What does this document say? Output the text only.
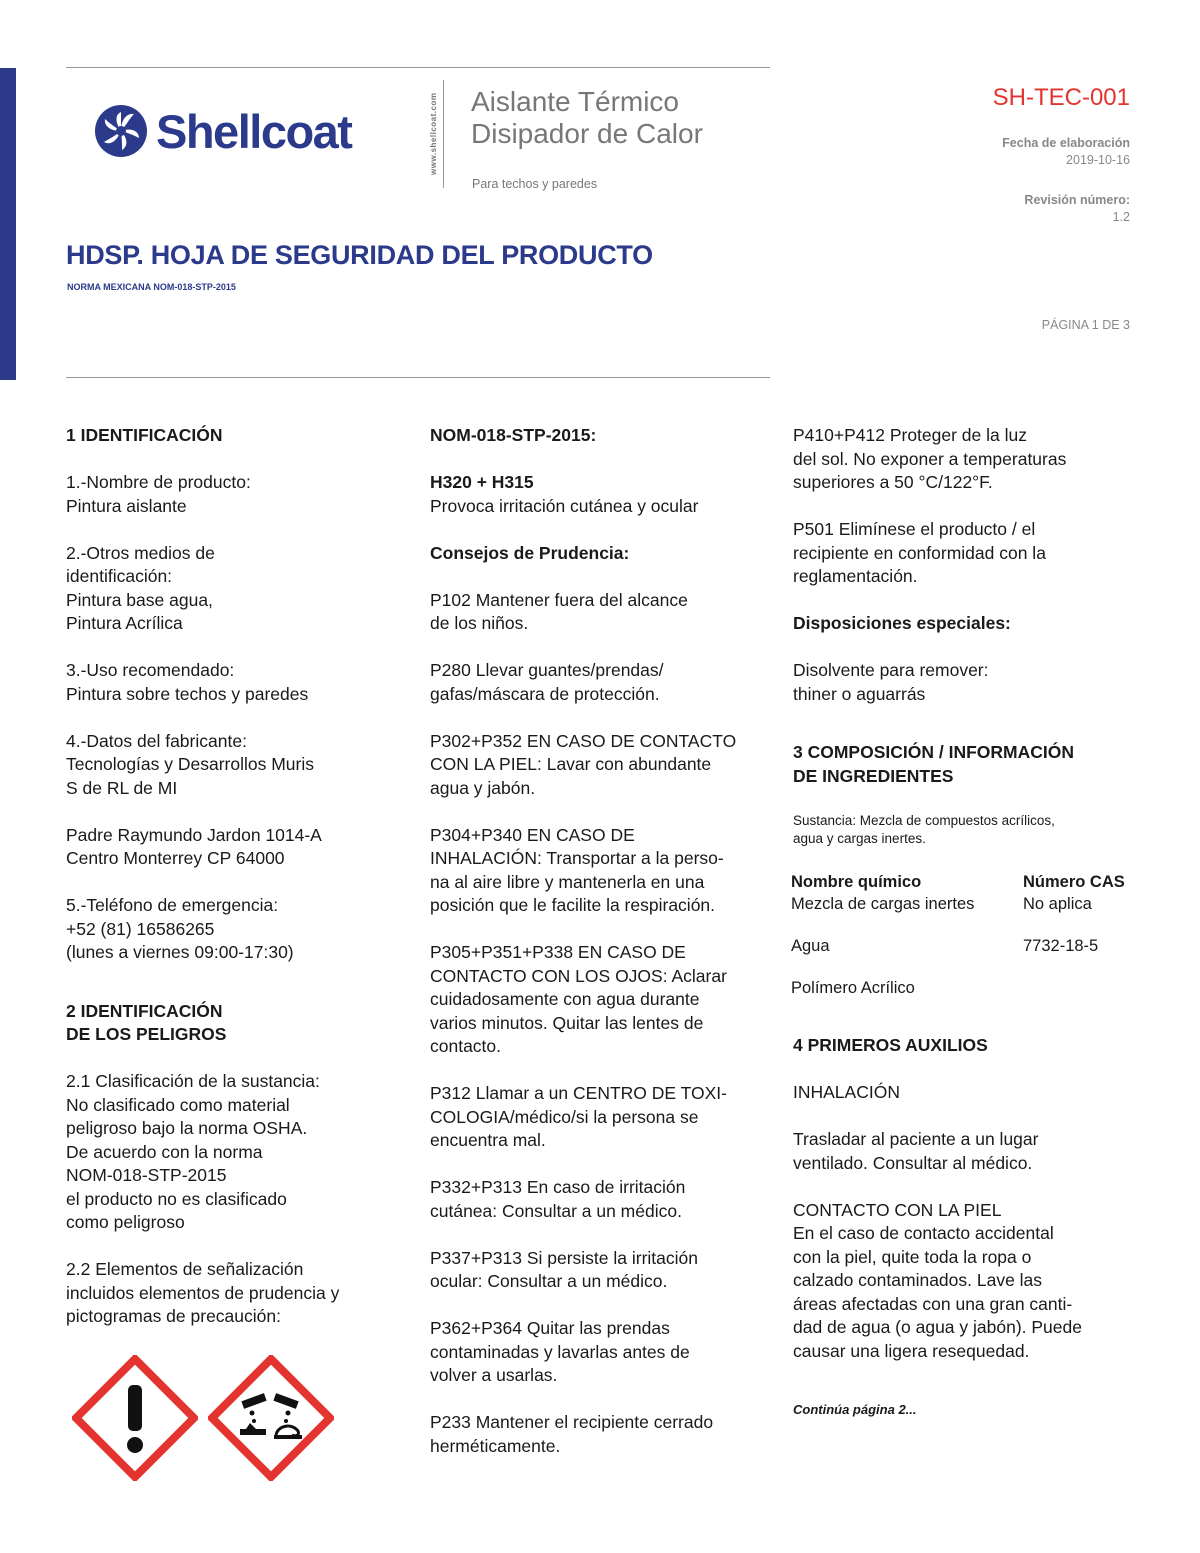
Shellcoat	www.shellcoat.com Aislante Térmico
Disipador de Calor
Para techos y paredes
SH-TEC-001
Fecha de elaboración
2019-10-16
Revisión número:
1.2
HDSP. HOJA DE SEGURIDAD DEL PRODUCTO
NORMA MEXICANA NOM-018-STP-2015
PÁGINA 1 DE 3

1 IDENTIFICACIÓN

1.-Nombre de producto:

Pintura aislante

2.-Otros medios de

identificación:

Pintura base agua,

Pintura Acrílica

3.-Uso recomendado:

Pintura sobre techos y paredes

4.-Datos del fabricante:

Tecnologías y Desarrollos Muris

S de RL de MI

Padre Raymundo Jardon 1014-A

Centro Monterrey CP 64000

5.-Teléfono de emergencia:

+52 (81) 16586265

(lunes a viernes 09:00-17:30)

2 IDENTIFICACIÓN

DE LOS PELIGROS

2.1 Clasificación de la sustancia:

No clasificado como material

peligroso bajo la norma OSHA.

De acuerdo con la norma

NOM-018-STP-2015

el producto no es clasificado

como peligroso

2.2 Elementos de señalización

incluidos elementos de prudencia y

pictogramas de precaución:

NOM-018-STP-2015:

H320 + H315

Provoca irritación cutánea y ocular

Consejos de Prudencia:

P102 Mantener fuera del alcance

de los niños.

P280 Llevar guantes/prendas/

gafas/máscara de protección.

P302+P352 EN CASO DE CONTACTO

CON LA PIEL: Lavar con abundante

agua y jabón.

P304+P340 EN CASO DE

INHALACIÓN: Transportar a la perso-

na al aire libre y mantenerla en una

posición que le facilite la respiración.

P305+P351+P338 EN CASO DE

CONTACTO CON LOS OJOS: Aclarar

cuidadosamente con agua durante

varios minutos. Quitar las lentes de

contacto.

P312 Llamar a un CENTRO DE TOXI-

COLOGIA/médico/si la persona se

encuentra mal.

P332+P313 En caso de irritación

cutánea: Consultar a un médico.

P337+P313 Si persiste la irritación

ocular: Consultar a un médico.

P362+P364 Quitar las prendas

contaminadas y lavarlas antes de

volver a usarlas.

P233 Mantener el recipiente cerrado

herméticamente.

P410+P412 Proteger de la luz

del sol. No exponer a temperaturas

superiores a 50 °C/122°F.

P501 Elimínese el producto / el

recipiente en conformidad con la

reglamentación.

Disposiciones especiales:

Disolvente para remover:

thiner o aguarrás

3 COMPOSICIÓN / INFORMACIÓN

DE INGREDIENTES

Sustancia: Mezcla de compuestos acrílicos,

agua y cargas inertes.

Nombre químico	Número CAS
Mezcla de cargas inertes	No aplica
Agua	7732-18-5
Polímero Acrílico

4 PRIMEROS AUXILIOS

INHALACIÓN

Trasladar al paciente a un lugar

ventilado. Consultar al médico.

CONTACTO CON LA PIEL

En el caso de contacto accidental

con la piel, quite toda la ropa o

calzado contaminados. Lave las

áreas afectadas con una gran canti-

dad de agua (o agua y jabón). Puede

causar una ligera resequedad.

Continúa página 2...
